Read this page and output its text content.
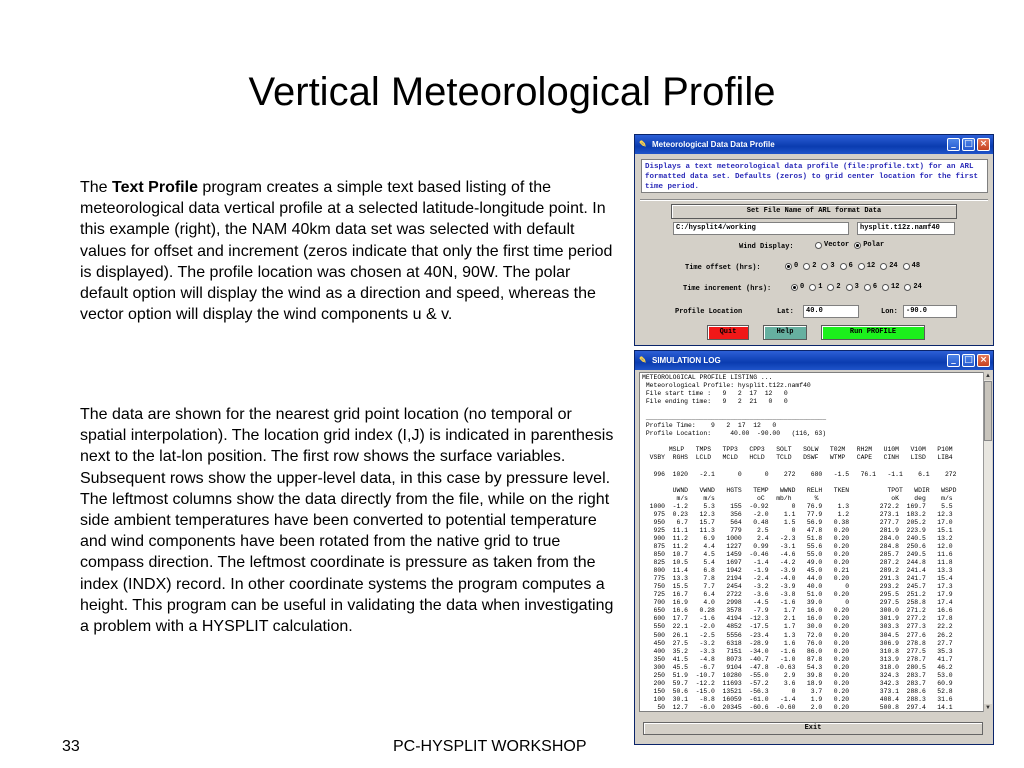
Vertical Meteorological Profile

The Text Profile program creates a simple text based listing of the meteorological data vertical profile at a selected latitude-longitude point. In this example (right), the NAM 40km data set was selected with default values for offset and increment (zeros indicate that only the first time period is displayed). The profile location was chosen at 40N, 90W. The polar default option will display the wind as a direction and speed, whereas the vector option will display the wind components u & v.

The data are shown for the nearest grid point location (no temporal or spatial interpolation). The location grid index (I,J) is indicated in parenthesis next to the lat-lon position. The first row shows the surface variables. Subsequent rows show the upper-level data, in this case by pressure level. The leftmost columns show the data directly from the file, while on the right side ambient temperatures have been converted to potential temperature and wind components have been rotated from the native grid to true compass direction. The leftmost coordinate is pressure as taken from the index (INDX) record. In other coordinate systems the program computes a height. This program can be useful in validating the data when investigating a problem with a HYSPLIT calculation.

33	PC-HYSPLIT WORKSHOP
✎ Meteorological Data Data Profile	_ □ ×
Displays a text meteorological data profile (file:profile.txt) for an ARL formatted data set. Defaults (zeros) to grid center location for the first time period.
Set File Name of ARL format Data
C:/hysplit4/working	hysplit.t12z.namf40
Wind Display:	Vector Polar
Time offset (hrs):	0 2 3 6 12 24 48
Time increment (hrs):	0 1 2 3 6 12 24
Profile Location	Lat:	40.0	Lon:	-90.0
Quit	Help	Run PROFILE
✎ SIMULATION LOG	_ □ ×
METEOROLOGICAL PROFILE LISTING ...
Meteorological Profile: hysplit.t12z.namf40
File start time :   9   2  17  12   0
File ending time:   9   2  21   0   0

_______________________________________________
Profile Time:    9   2  17  12   0
Profile Location:     40.00  -90.00   (116, 63)

MSLP   TMPS   TPP3   CPP3   SOLT   SOLW   T02M   RH2M   U10M   V10M   P10M
VSBY  RGHS  LCLD   MCLD   HCLD   TCLD   DSWF   WTMP   CAPE   CINH   LISD   LIB4

996  1020   -2.1      0      0    272    680   -1.5   76.1   -1.1    6.1    272

UWND   VWND   HGTS   TEMP   WWND   RELH   TKEN          TPOT   WDIR   WSPD
m/s    m/s           oC   mb/h      %                   oK    deg    m/s
1000  -1.2    5.3    155  -0.92      0   76.9    1.3        272.2  169.7    5.5
975  0.23   12.3    356   -2.0    1.1   77.9    1.2        273.1  183.2   12.3
950   6.7   15.7    564   0.48    1.5   56.9   0.38        277.7  205.2   17.0
925  11.1   11.3    779    2.5      0   47.8   0.20        281.9  223.9   15.1
900  11.2    6.9   1000    2.4   -2.3   51.8   0.20        284.0  240.5   13.2
875  11.2    4.4   1227   0.99   -3.1   55.6   0.20        284.8  250.6   12.0
850  10.7    4.5   1459  -0.46   -4.6   55.0   0.20        285.7  249.5   11.6
825  10.5    5.4   1697   -1.4   -4.2   49.0   0.20        287.2  244.8   11.8
800  11.4    6.8   1942   -1.9   -3.9   45.0   0.21        289.2  241.4   13.3
775  13.3    7.8   2194   -2.4   -4.0   44.0   0.20        291.3  241.7   15.4
750  15.5    7.7   2454   -3.2   -3.9   40.0      0        293.2  245.7   17.3
725  16.7    6.4   2722   -3.6   -3.8   51.0   0.20        295.5  251.2   17.9
700  16.9    4.0   2998   -4.5   -1.6   39.0      0        297.5  258.8   17.4
650  16.6   0.28   3578   -7.9    1.7   16.0   0.20        300.0  271.2   16.6
600  17.7   -1.6   4194  -12.3    2.1   16.0   0.20        301.9  277.2   17.8
550  22.1   -2.0   4852  -17.5    1.7   30.0   0.20        303.3  277.3   22.2
500  26.1   -2.5   5556  -23.4    1.3   72.0   0.20        304.5  277.6   26.2
450  27.5   -3.2   6318  -28.9    1.6   76.0   0.20        306.9  278.8   27.7
400  35.2   -3.3   7151  -34.0   -1.6   86.0   0.20        310.8  277.5   35.3
350  41.5   -4.8   8073  -40.7   -1.0   87.8   0.20        313.9  278.7   41.7
300  45.5   -6.7   9104  -47.8  -0.63   54.3   0.20        318.0  280.5   46.2
250  51.9  -10.7  10280  -55.0    2.9   39.8   0.20        324.3  283.7   53.0
200  59.7  -12.2  11693  -57.2    3.6   18.9   0.20        342.3  283.7   60.9
150  50.6  -15.0  13521  -56.3      0    3.7   0.20        373.1  288.6   52.8
100  30.1   -8.8  16059  -61.0   -1.4    1.9   0.20        408.4  288.3   31.6
50  12.7   -6.0  20345  -60.6  -0.60    2.0   0.20        500.8  297.4   14.1
▲
▼
Exit
